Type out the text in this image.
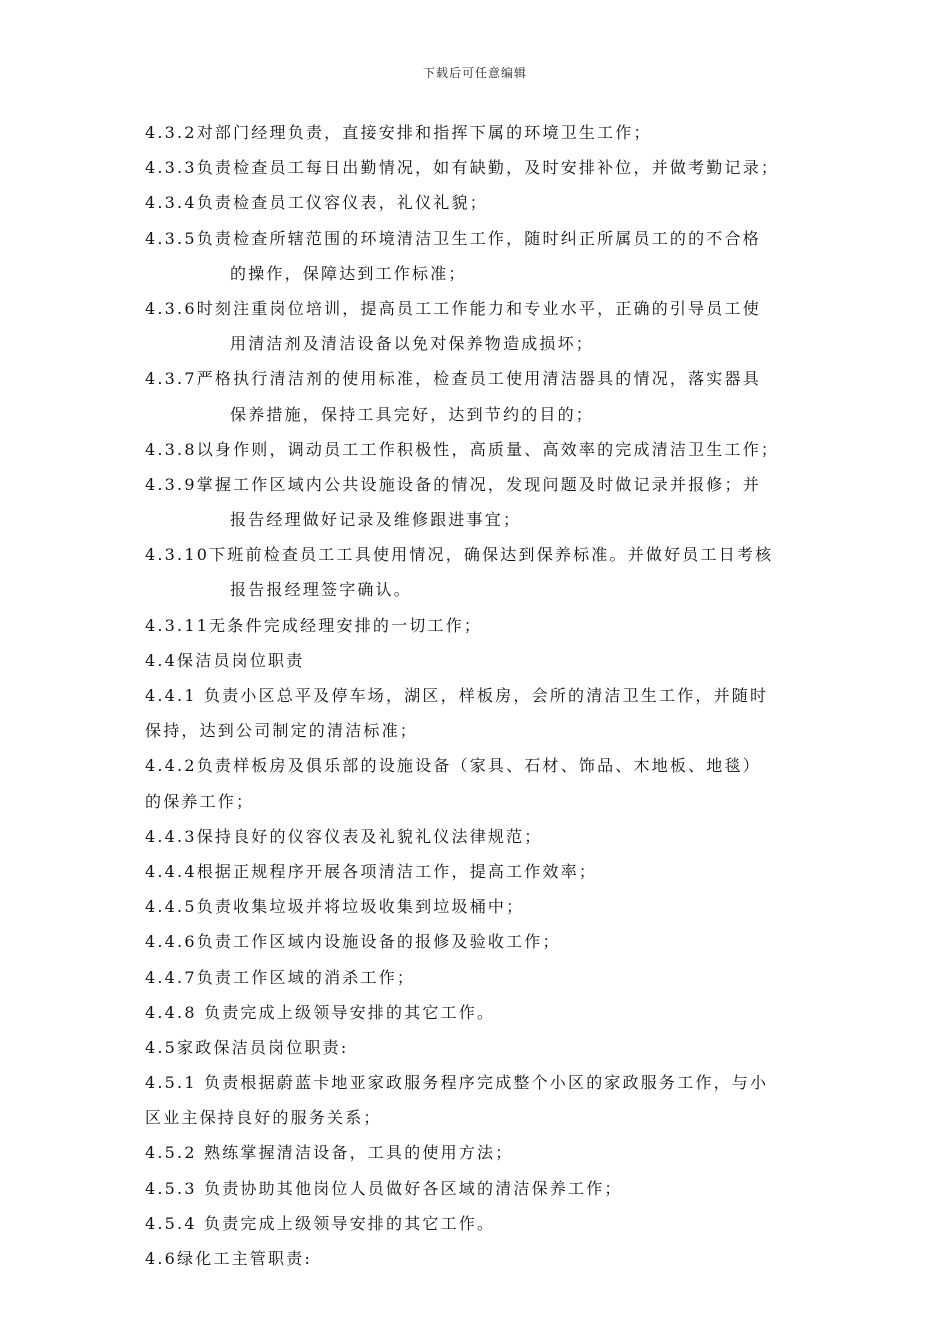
下载后可任意编辑
4.3.2对部门经理负责，直接安排和指挥下属的环境卫生工作；
4.3.3负责检查员工每日出勤情况，如有缺勤，及时安排补位，并做考勤记录；
4.3.4负责检查员工仪容仪表，礼仪礼貌；
4.3.5负责检查所辖范围的环境清洁卫生工作，随时纠正所属员工的的不合格
的操作，保障达到工作标准；
4.3.6时刻注重岗位培训，提高员工工作能力和专业水平，正确的引导员工使
用清洁剂及清洁设备以免对保养物造成损坏；
4.3.7严格执行清洁剂的使用标准，检查员工使用清洁器具的情况，落实器具
保养措施，保持工具完好，达到节约的目的；
4.3.8以身作则，调动员工工作积极性，高质量、高效率的完成清洁卫生工作；
4.3.9掌握工作区域内公共设施设备的情况，发现问题及时做记录并报修；并
报告经理做好记录及维修跟进事宜；
4.3.10下班前检查员工工具使用情况，确保达到保养标准。并做好员工日考核
报告报经理签字确认。
4.3.11无条件完成经理安排的一切工作；
4.4保洁员岗位职责
4.4.1 负责小区总平及停车场，湖区，样板房，会所的清洁卫生工作，并随时
保持，达到公司制定的清洁标准；
4.4.2负责样板房及俱乐部的设施设备（家具、石材、饰品、木地板、地毯）
的保养工作；
4.4.3保持良好的仪容仪表及礼貌礼仪法律规范；
4.4.4根据正规程序开展各项清洁工作，提高工作效率；
4.4.5负责收集垃圾并将垃圾收集到垃圾桶中；
4.4.6负责工作区域内设施设备的报修及验收工作；
4.4.7负责工作区域的消杀工作；
4.4.8 负责完成上级领导安排的其它工作。
4.5家政保洁员岗位职责:
4.5.1 负责根据蔚蓝卡地亚家政服务程序完成整个小区的家政服务工作，与小
区业主保持良好的服务关系；
4.5.2 熟练掌握清洁设备，工具的使用方法；
4.5.3 负责协助其他岗位人员做好各区域的清洁保养工作；
4.5.4 负责完成上级领导安排的其它工作。
4.6绿化工主管职责:
